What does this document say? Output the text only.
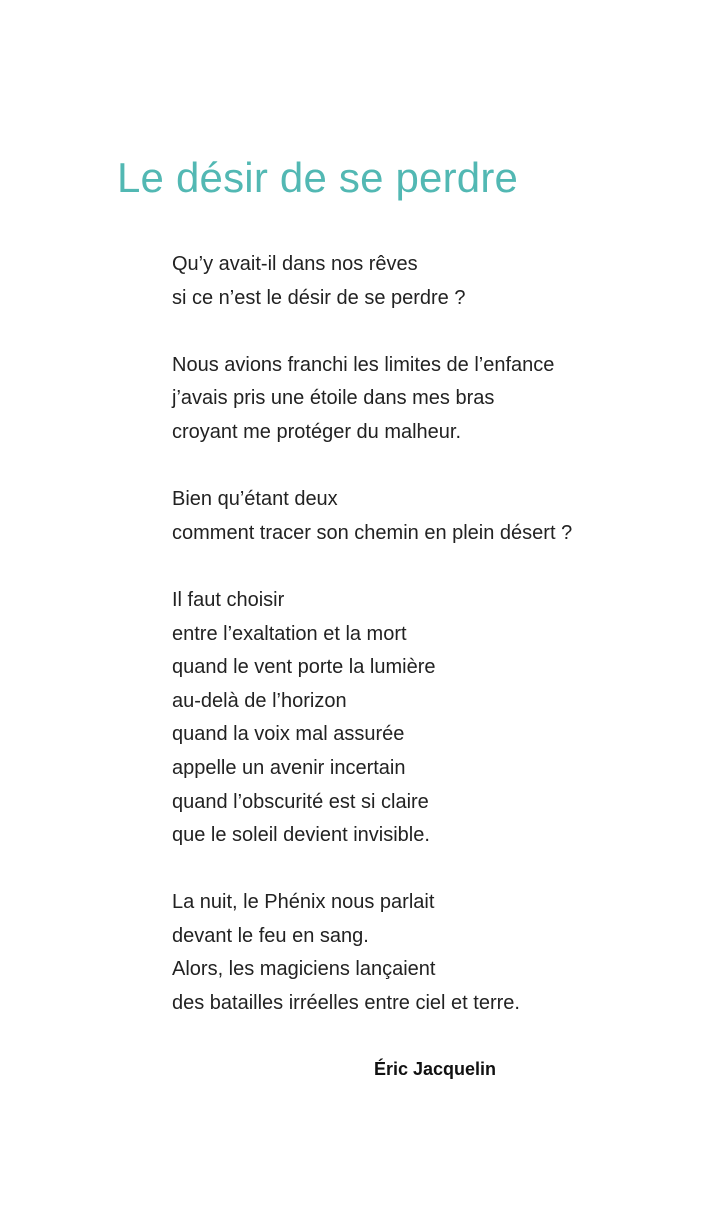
Le désir de se perdre
Qu’y avait-il dans nos rêves
si ce n’est le désir de se perdre ?
Nous avions franchi les limites de l’enfance
j’avais pris une étoile dans mes bras
croyant me protéger du malheur.
Bien qu’étant deux
comment tracer son chemin en plein désert ?
Il faut choisir
entre l’exaltation et la mort
quand le vent porte la lumière
au-delà de l’horizon
quand la voix mal assurée
appelle un avenir incertain
quand l’obscurité est si claire
que le soleil devient invisible.
La nuit, le Phénix nous parlait
devant le feu en sang.
Alors, les magiciens lançaient
des batailles irréelles entre ciel et terre.

Éric Jacquelin
